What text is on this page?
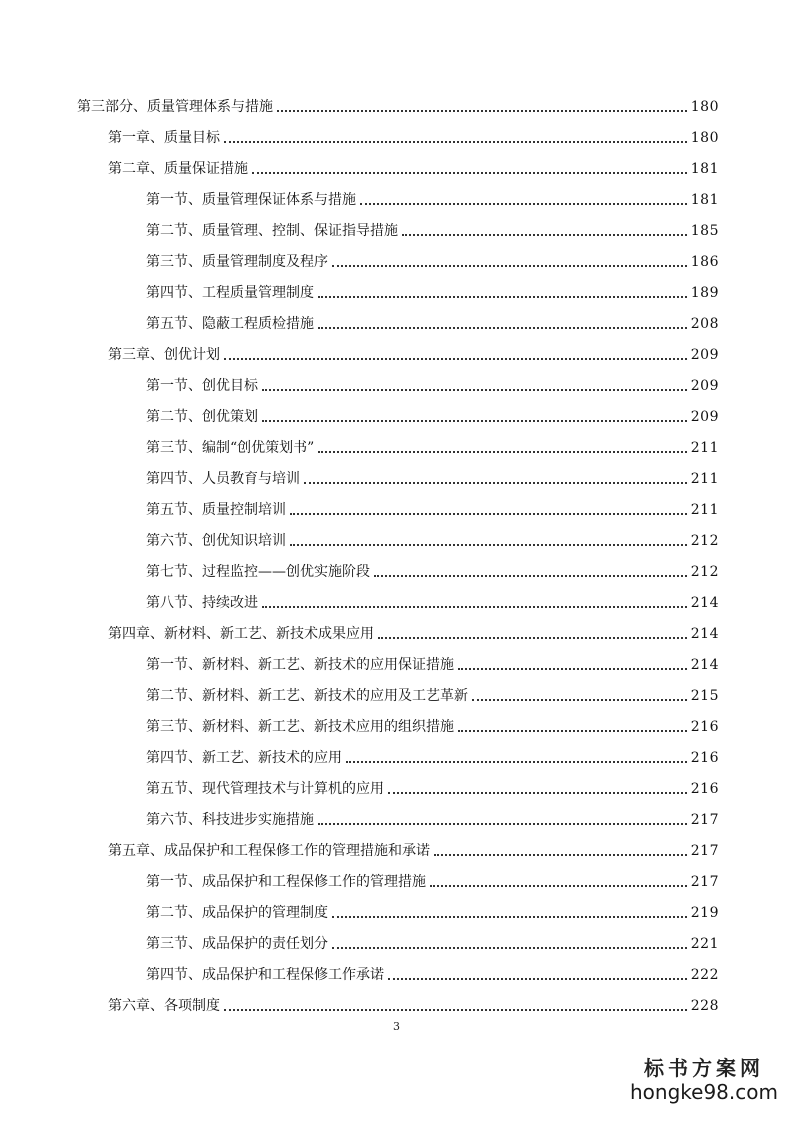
第三部分、质量管理体系与措施	180
第一章、质量目标	180
第二章、质量保证措施	181
第一节、质量管理保证体系与措施	181
第二节、质量管理、控制、保证指导措施	185
第三节、质量管理制度及程序	186
第四节、工程质量管理制度	189
第五节、隐蔽工程质检措施	208
第三章、创优计划	209
第一节、创优目标	209
第二节、创优策划	209
第三节、编制“创优策划书”	211
第四节、人员教育与培训	211
第五节、质量控制培训	211
第六节、创优知识培训	212
第七节、过程监控——创优实施阶段	212
第八节、持续改进	214
第四章、新材料、新工艺、新技术成果应用	214
第一节、新材料、新工艺、新技术的应用保证措施	214
第二节、新材料、新工艺、新技术的应用及工艺革新	215
第三节、新材料、新工艺、新技术应用的组织措施	216
第四节、新工艺、新技术的应用	216
第五节、现代管理技术与计算机的应用	216
第六节、科技进步实施措施	217
第五章、成品保护和工程保修工作的管理措施和承诺	217
第一节、成品保护和工程保修工作的管理措施	217
第二节、成品保护的管理制度	219
第三节、成品保护的责任划分	221
第四节、成品保护和工程保修工作承诺	222
第六章、各项制度	228
3
标书方案网
hongke98.com
